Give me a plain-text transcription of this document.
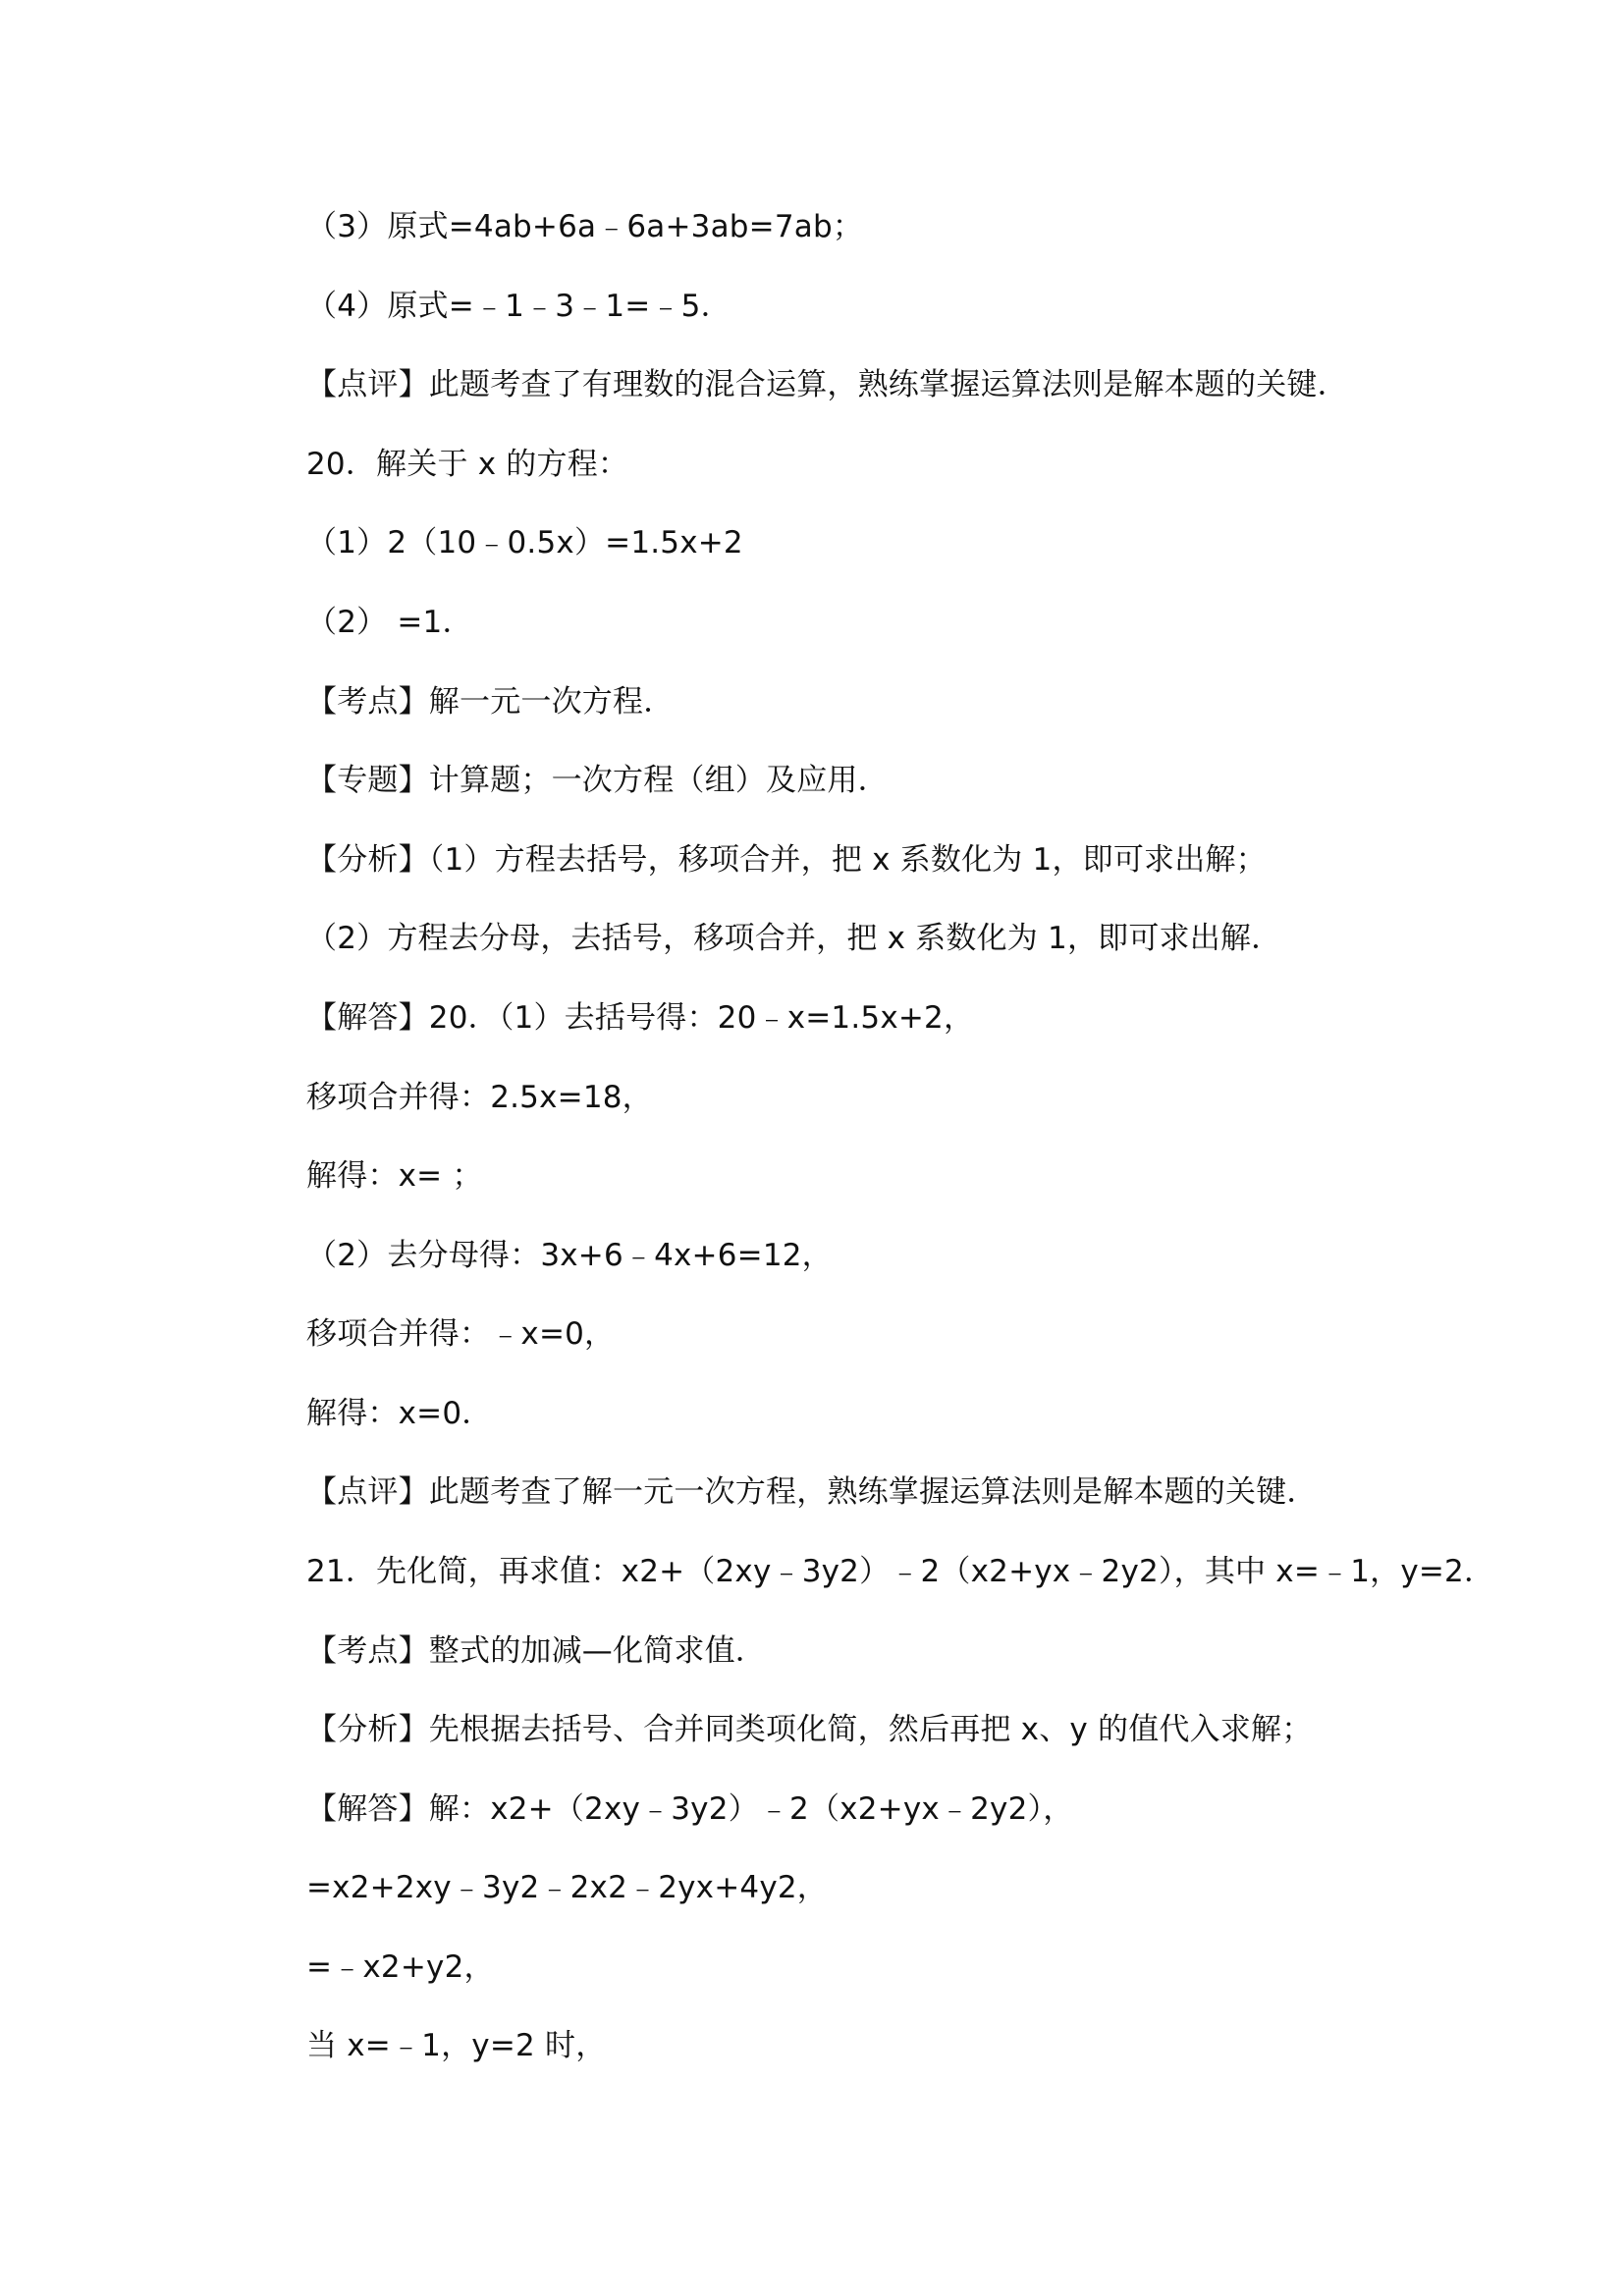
（3）原式=4ab+6a﹣6a+3ab=7ab；
（4）原式=﹣1﹣3﹣1=﹣5．
【点评】此题考查了有理数的混合运算，熟练掌握运算法则是解本题的关键．
20．解关于 x 的方程：
（1）2（10﹣0.5x）=1.5x+2
（2） =1．
【考点】解一元一次方程．
【专题】计算题；一次方程（组）及应用．
【分析】（1）方程去括号，移项合并，把 x 系数化为 1，即可求出解；
（2）方程去分母，去括号，移项合并，把 x 系数化为 1，即可求出解．
【解答】20．（1）去括号得：20﹣x=1.5x+2，
移项合并得：2.5x=18，
解得：x= ；
（2）去分母得：3x+6﹣4x+6=12，
移项合并得：﹣x=0，
解得：x=0．
【点评】此题考查了解一元一次方程，熟练掌握运算法则是解本题的关键．
21．先化简，再求值：x2+（2xy﹣3y2）﹣2（x2+yx﹣2y2），其中 x=﹣1，y=2．
【考点】整式的加减—化简求值．
【分析】先根据去括号、合并同类项化简，然后再把 x、y 的值代入求解；
【解答】解：x2+（2xy﹣3y2）﹣2（x2+yx﹣2y2），
=x2+2xy﹣3y2﹣2x2﹣2yx+4y2，
=﹣x2+y2，
当 x=﹣1，y=2 时，
